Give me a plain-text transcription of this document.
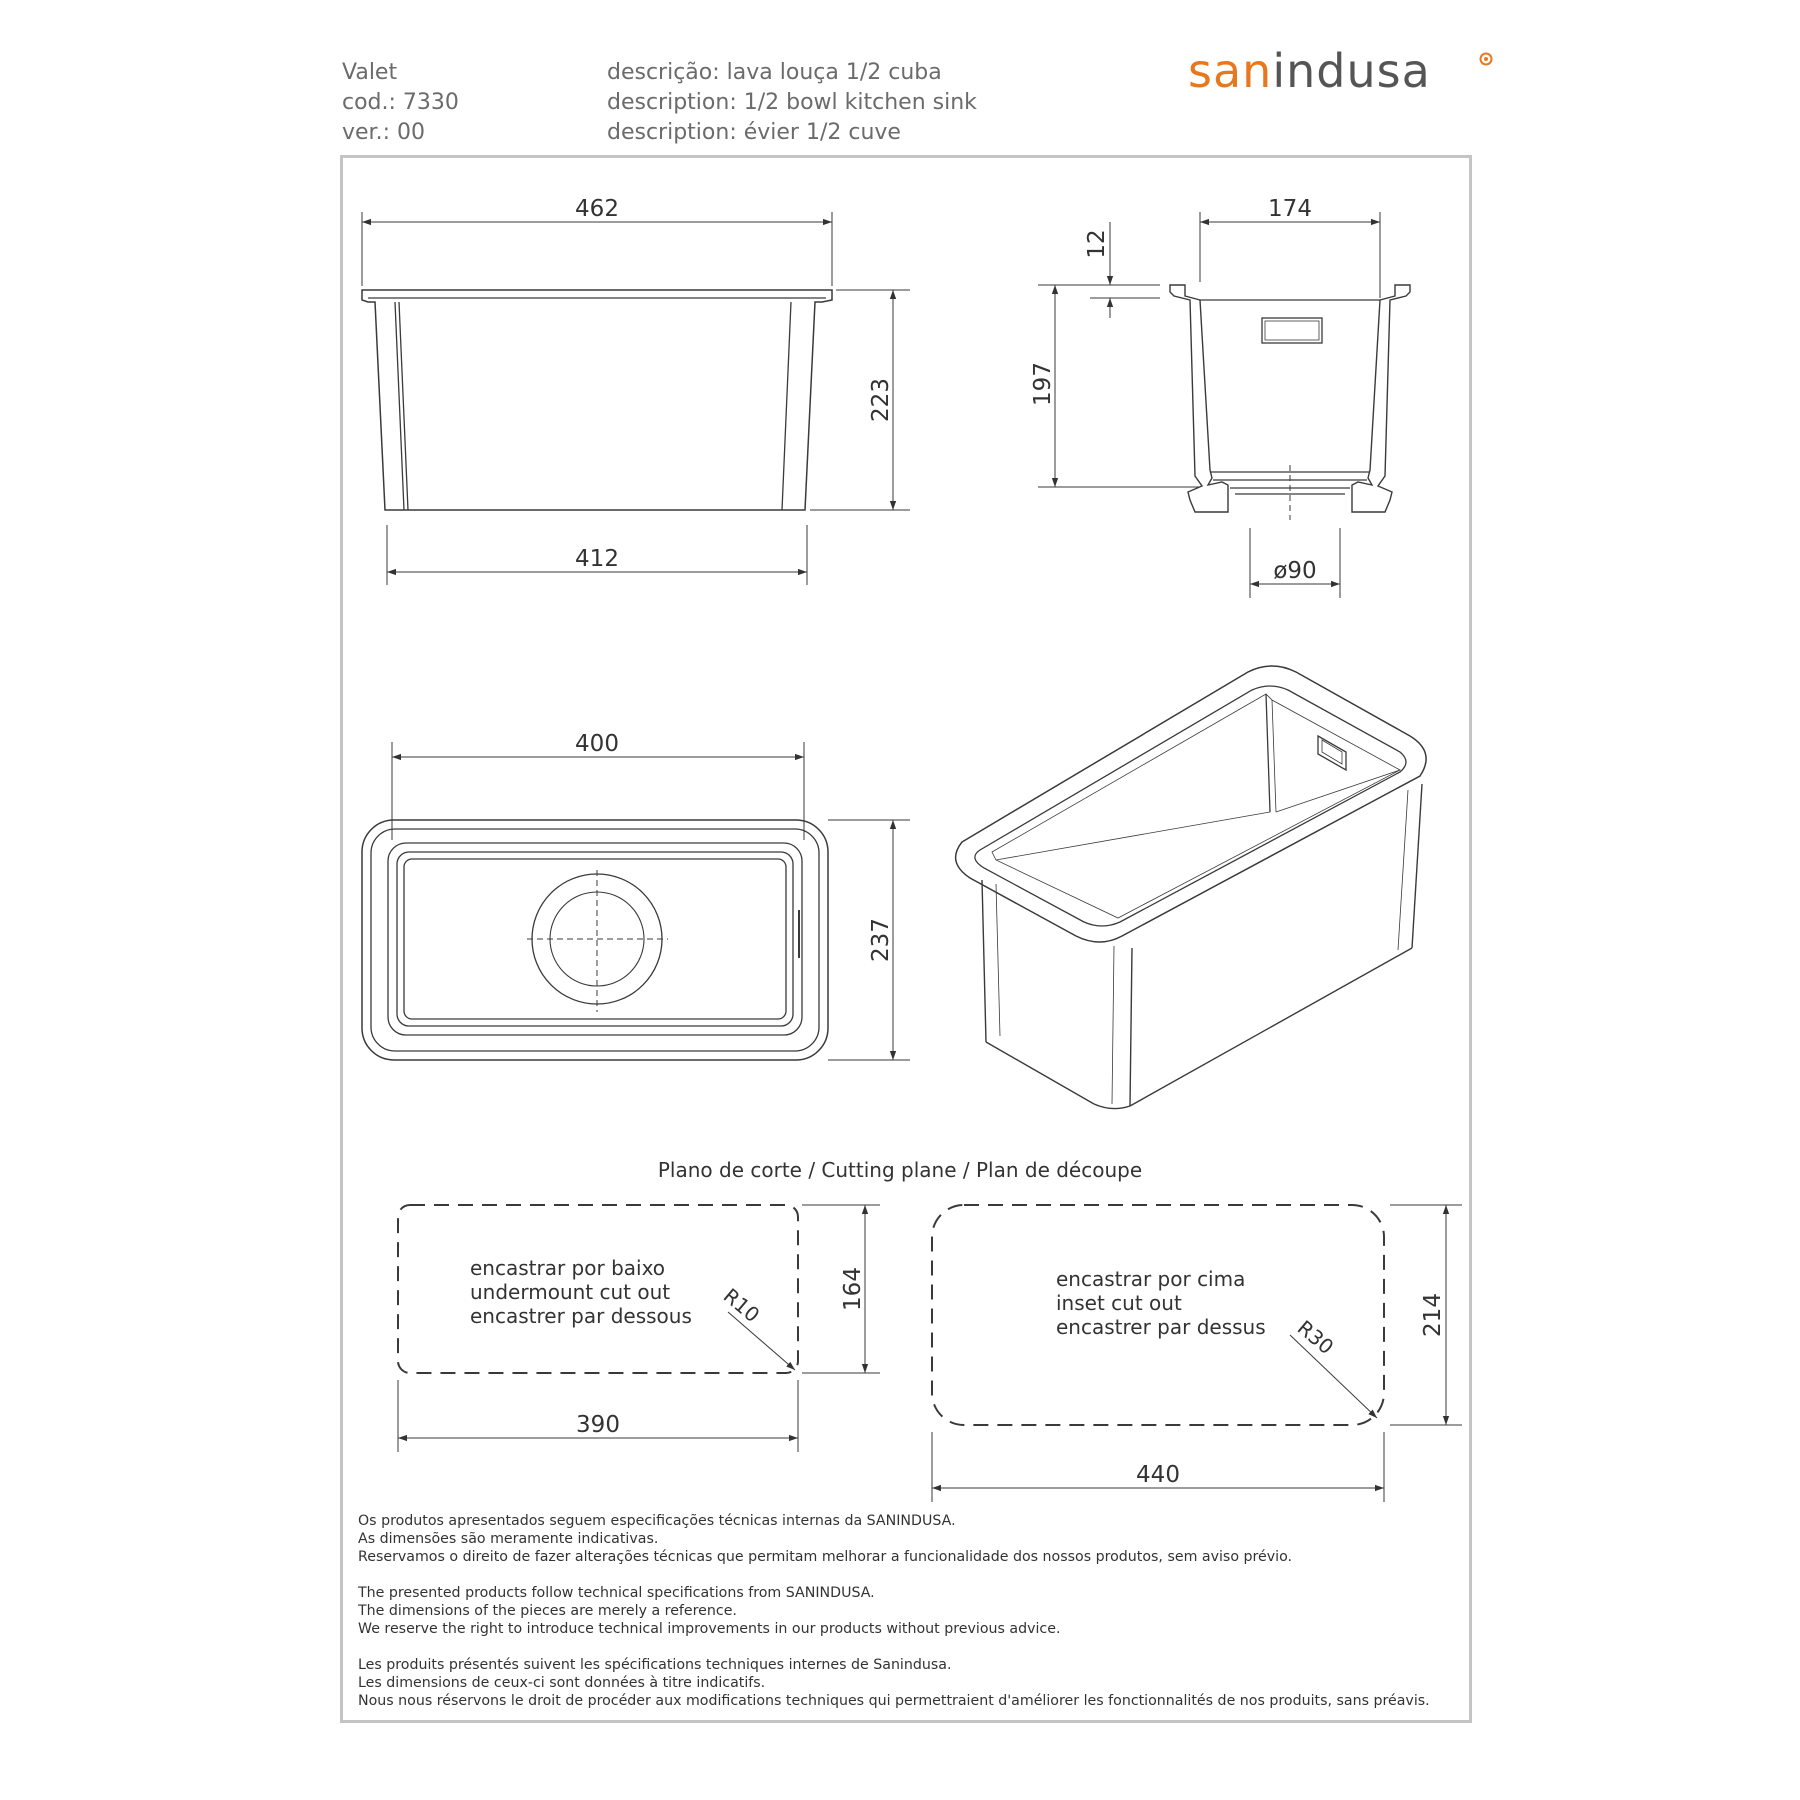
Valet
cod.: 7330
ver.: 00
descrição: lava louça 1/2 cuba
description: 1/2 bowl kitchen sink
description: évier 1/2 cuve
sanindusa
462
223
412
174
12
197
ø90
400
237
Plano de corte / Cutting plane / Plan de découpe
encastrar por baixo
undermount cut out
encastrer par dessous R10	164
390
encastrar por cima
inset cut out
encastrer par dessus R30
214
440
Os produtos apresentados seguem especificações técnicas internas da SANINDUSA.
As dimensões são meramente indicativas.
Reservamos o direito de fazer alterações técnicas que permitam melhorar a funcionalidade dos nossos produtos, sem aviso prévio.
The presented products follow technical specifications from SANINDUSA.
The dimensions of the pieces are merely a reference.
We reserve the right to introduce technical improvements in our products without previous advice.
Les produits présentés suivent les spécifications techniques internes de Sanindusa.
Les dimensions de ceux-ci sont données à titre indicatifs.
Nous nous réservons le droit de procéder aux modifications techniques qui permettraient d'améliorer les fonctionnalités de nos produits, sans préavis.
